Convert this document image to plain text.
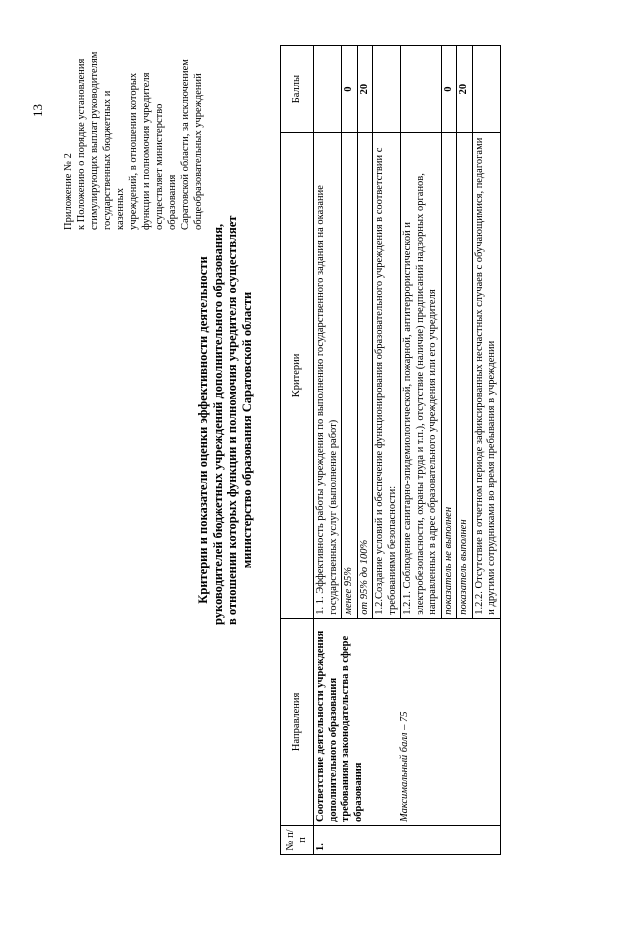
13
Приложение № 2 к Положению о порядке установления стимулирующих выплат руководителям государственных бюджетных и казенных учреждений, в отношении которых функции и полномочия учредителя осуществляет министерство образования Саратовской области, за исключением общеобразовательных учреждений
Критерии и показатели оценки эффективности деятельности руководителей бюджетных учреждений дополнительного образования, в отношении которых функции и полномочия учредителя осуществляет министерство образования Саратовской области
№ п/п	Направления	Критерии	Баллы
1.	Соответствие деятельности учреждения дополнительного образования требованиям законодательства в сфере образования Максимальный балл – 75	1. 1. Эффективность работы учреждения по выполнению государственного задания на оказание государственных услуг (выполнение работ)	
		менее 95%	0
		от 95% до 100%	20
		1.2.Создание условий и обеспечение функционирования образовательного учреждения в соответствии с требованиями безопасности:	
		1.2.1. Соблюдение санитарно-эпидемиологической, пожарной, антитеррористической и электробезопасности, охраны труда и т.п.), отсутствие (наличие) предписаний надзорных органов, направленных в адрес образовательного учреждения или его учредителя	
		показатель не выполнен	0
		показатель выполнен	20
		1.2.2. Отсутствие в отчетном периоде зафиксированных несчастных случаев с обучающимися, педагогами и другими сотрудниками во время пребывания в учреждении	
